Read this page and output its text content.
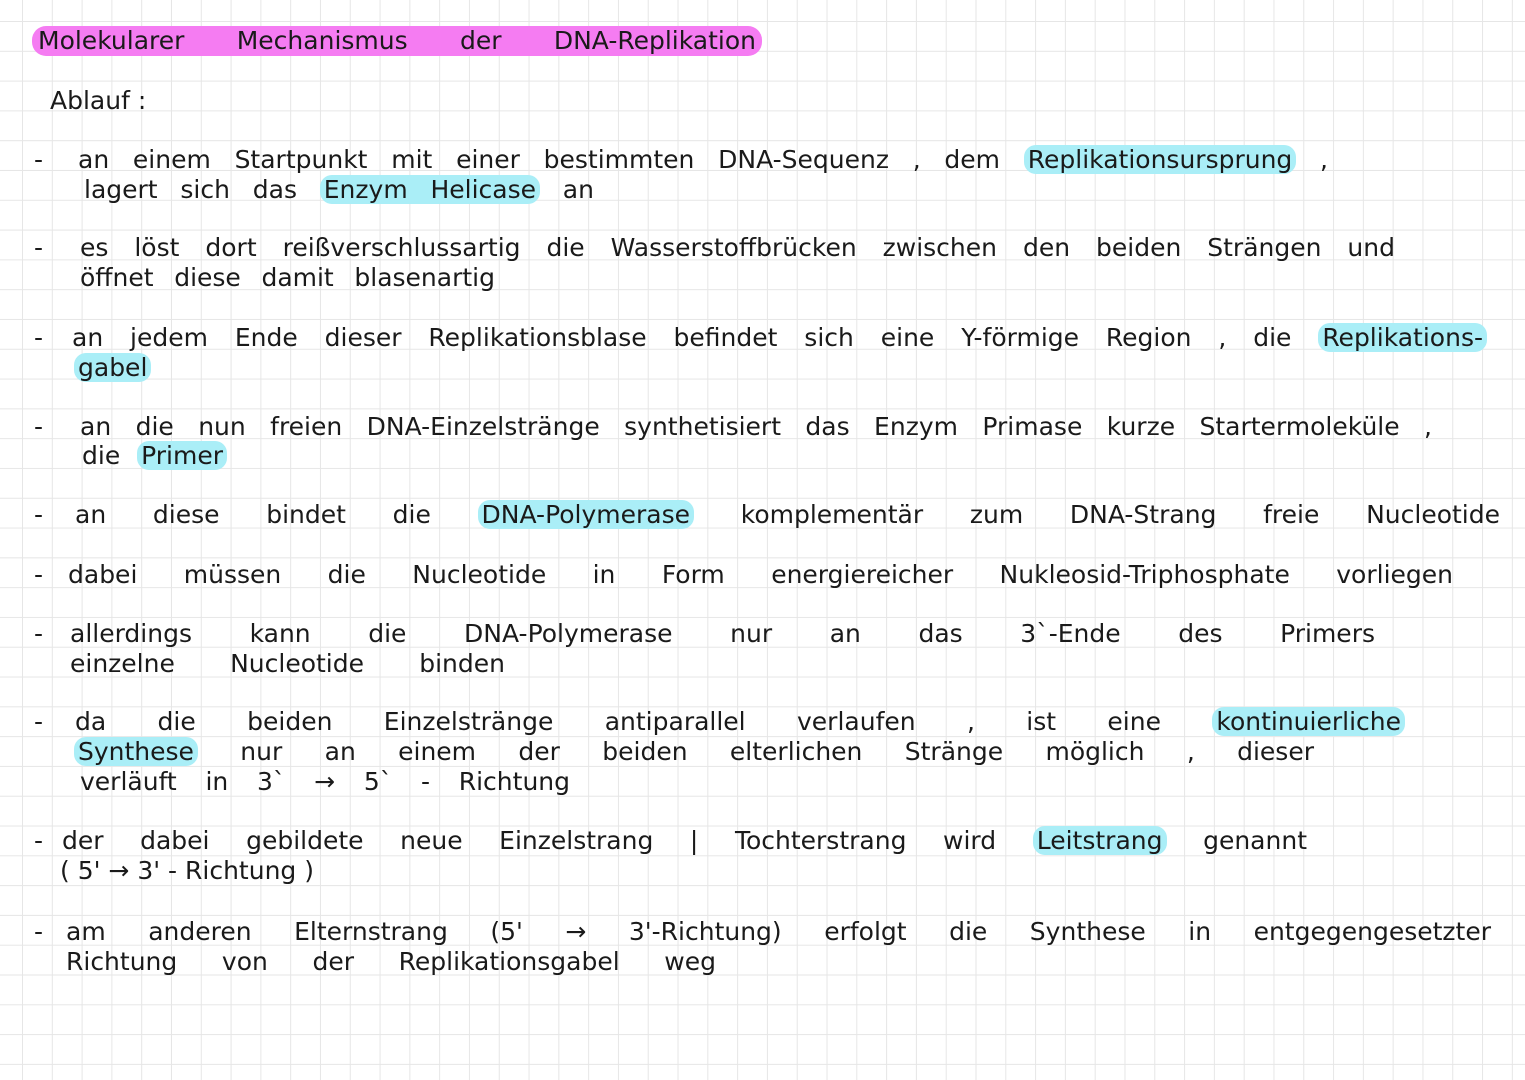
Molekularer Mechanismus der DNA-Replikation
Ablauf :
- an einem Startpunkt mit einer bestimmten DNA-Sequenz , dem Replikationsursprung ,
lagert sich das Enzym Helicase an
- es löst dort reißverschlussartig die Wasserstoffbrücken zwischen den beiden Strängen und
öffnet diese damit blasenartig
- an jedem Ende dieser Replikationsblase befindet sich eine Y-förmige Region , die Replikations-
gabel
- an die nun freien DNA-Einzelstränge synthetisiert das Enzym Primase kurze Startermoleküle ,
die Primer
- an diese bindet die DNA-Polymerase komplementär zum DNA-Strang freie Nucleotide
- dabei müssen die Nucleotide in Form energiereicher Nukleosid-Triphosphate vorliegen
- allerdings kann die DNA-Polymerase nur an das 3`-Ende des Primers
einzelne Nucleotide binden
- da die beiden Einzelstränge antiparallel verlaufen , ist eine kontinuierliche
Synthese nur an einem der beiden elterlichen Stränge möglich , dieser
verläuft in 3` → 5` - Richtung
- der dabei gebildete neue Einzelstrang | Tochterstrang wird Leitstrang genannt
( 5' → 3' - Richtung )
- am anderen Elternstrang (5' → 3'-Richtung) erfolgt die Synthese in entgegengesetzter
Richtung von der Replikationsgabel weg
